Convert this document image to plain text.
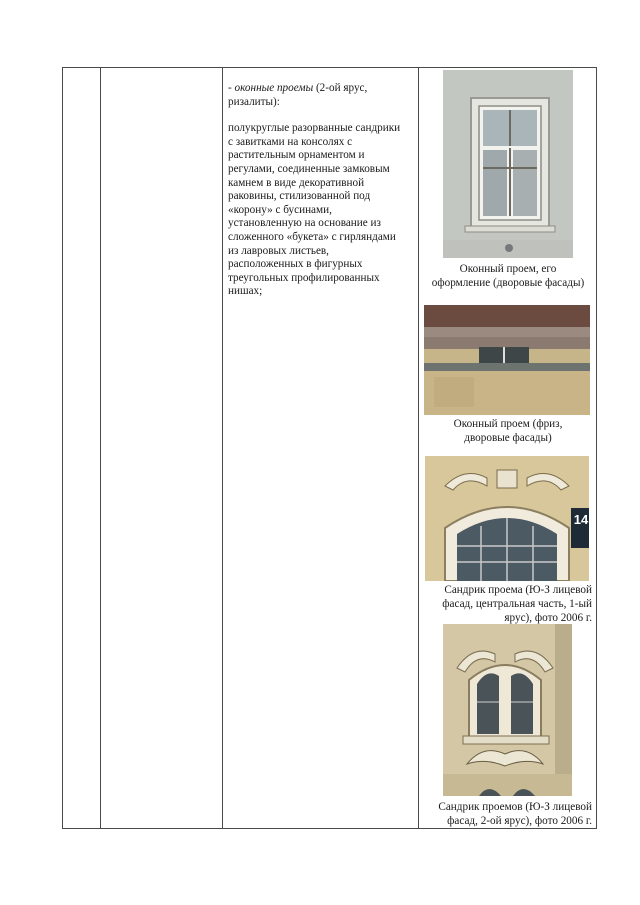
- оконные проемы (2-ой ярус, ризалиты):

полукруглые разорванные сандрики

с завитками на консолях с

растительным орнаментом и

регулами, соединенные замковым

камнем в виде декоративной

раковины, стилизованной под

«корону» с бусинами,

установленную на основание из

сложенного «букета» с гирляндами

из лавровых листьев,

расположенных в фигурных

треугольных профилированных

нишах;

Оконный проем, его
оформление (дворовые фасады)
Оконный проем (фриз,
дворовые фасады)
14
Сандрик проема (Ю-З лицевой
фасад, центральная часть, 1-ый
ярус), фото 2006 г.
Сандрик проемов (Ю-З лицевой
фасад, 2-ой ярус), фото 2006 г.
